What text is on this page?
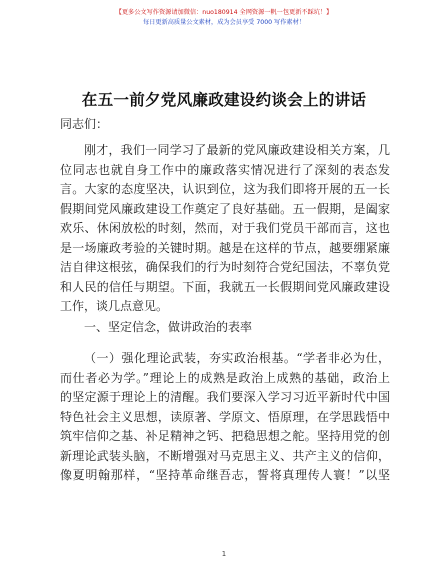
【更多公文写作资源请加微信：nuo180914 全网资源一帆一包更新不踩坑！】
每日更新高质量公文素材，成为会员享受 7000 写作素材！
在五一前夕党风廉政建设约谈会上的讲话
同志们：
刚才，我们一同学习了最新的党风廉政建设相关方案，几
位同志也就自身工作中的廉政落实情况进行了深刻的表态发
言。大家的态度坚决，认识到位，这为我们即将开展的五一长
假期间党风廉政建设工作奠定了良好基础。五一假期，是阖家
欢乐、休闲放松的时刻，然而，对于我们党员干部而言，这也
是一场廉政考验的关键时期。越是在这样的节点，越要绷紧廉
洁自律这根弦，确保我们的行为时刻符合党纪国法，不辜负党
和人民的信任与期望。下面，我就五一长假期间党风廉政建设
工作，谈几点意见。
一、坚定信念，做讲政治的表率
（一）强化理论武装，夯实政治根基。“学者非必为仕，
而仕者必为学。”理论上的成熟是政治上成熟的基础，政治上
的坚定源于理论上的清醒。我们要深入学习习近平新时代中国
特色社会主义思想，读原著、学原文、悟原理，在学思践悟中
筑牢信仰之基、补足精神之钙、把稳思想之舵。坚持用党的创
新理论武装头脑，不断增强对马克思主义、共产主义的信仰，
像夏明翰那样，“坚持革命继吾志，誓将真理传人寰！”以坚
1
